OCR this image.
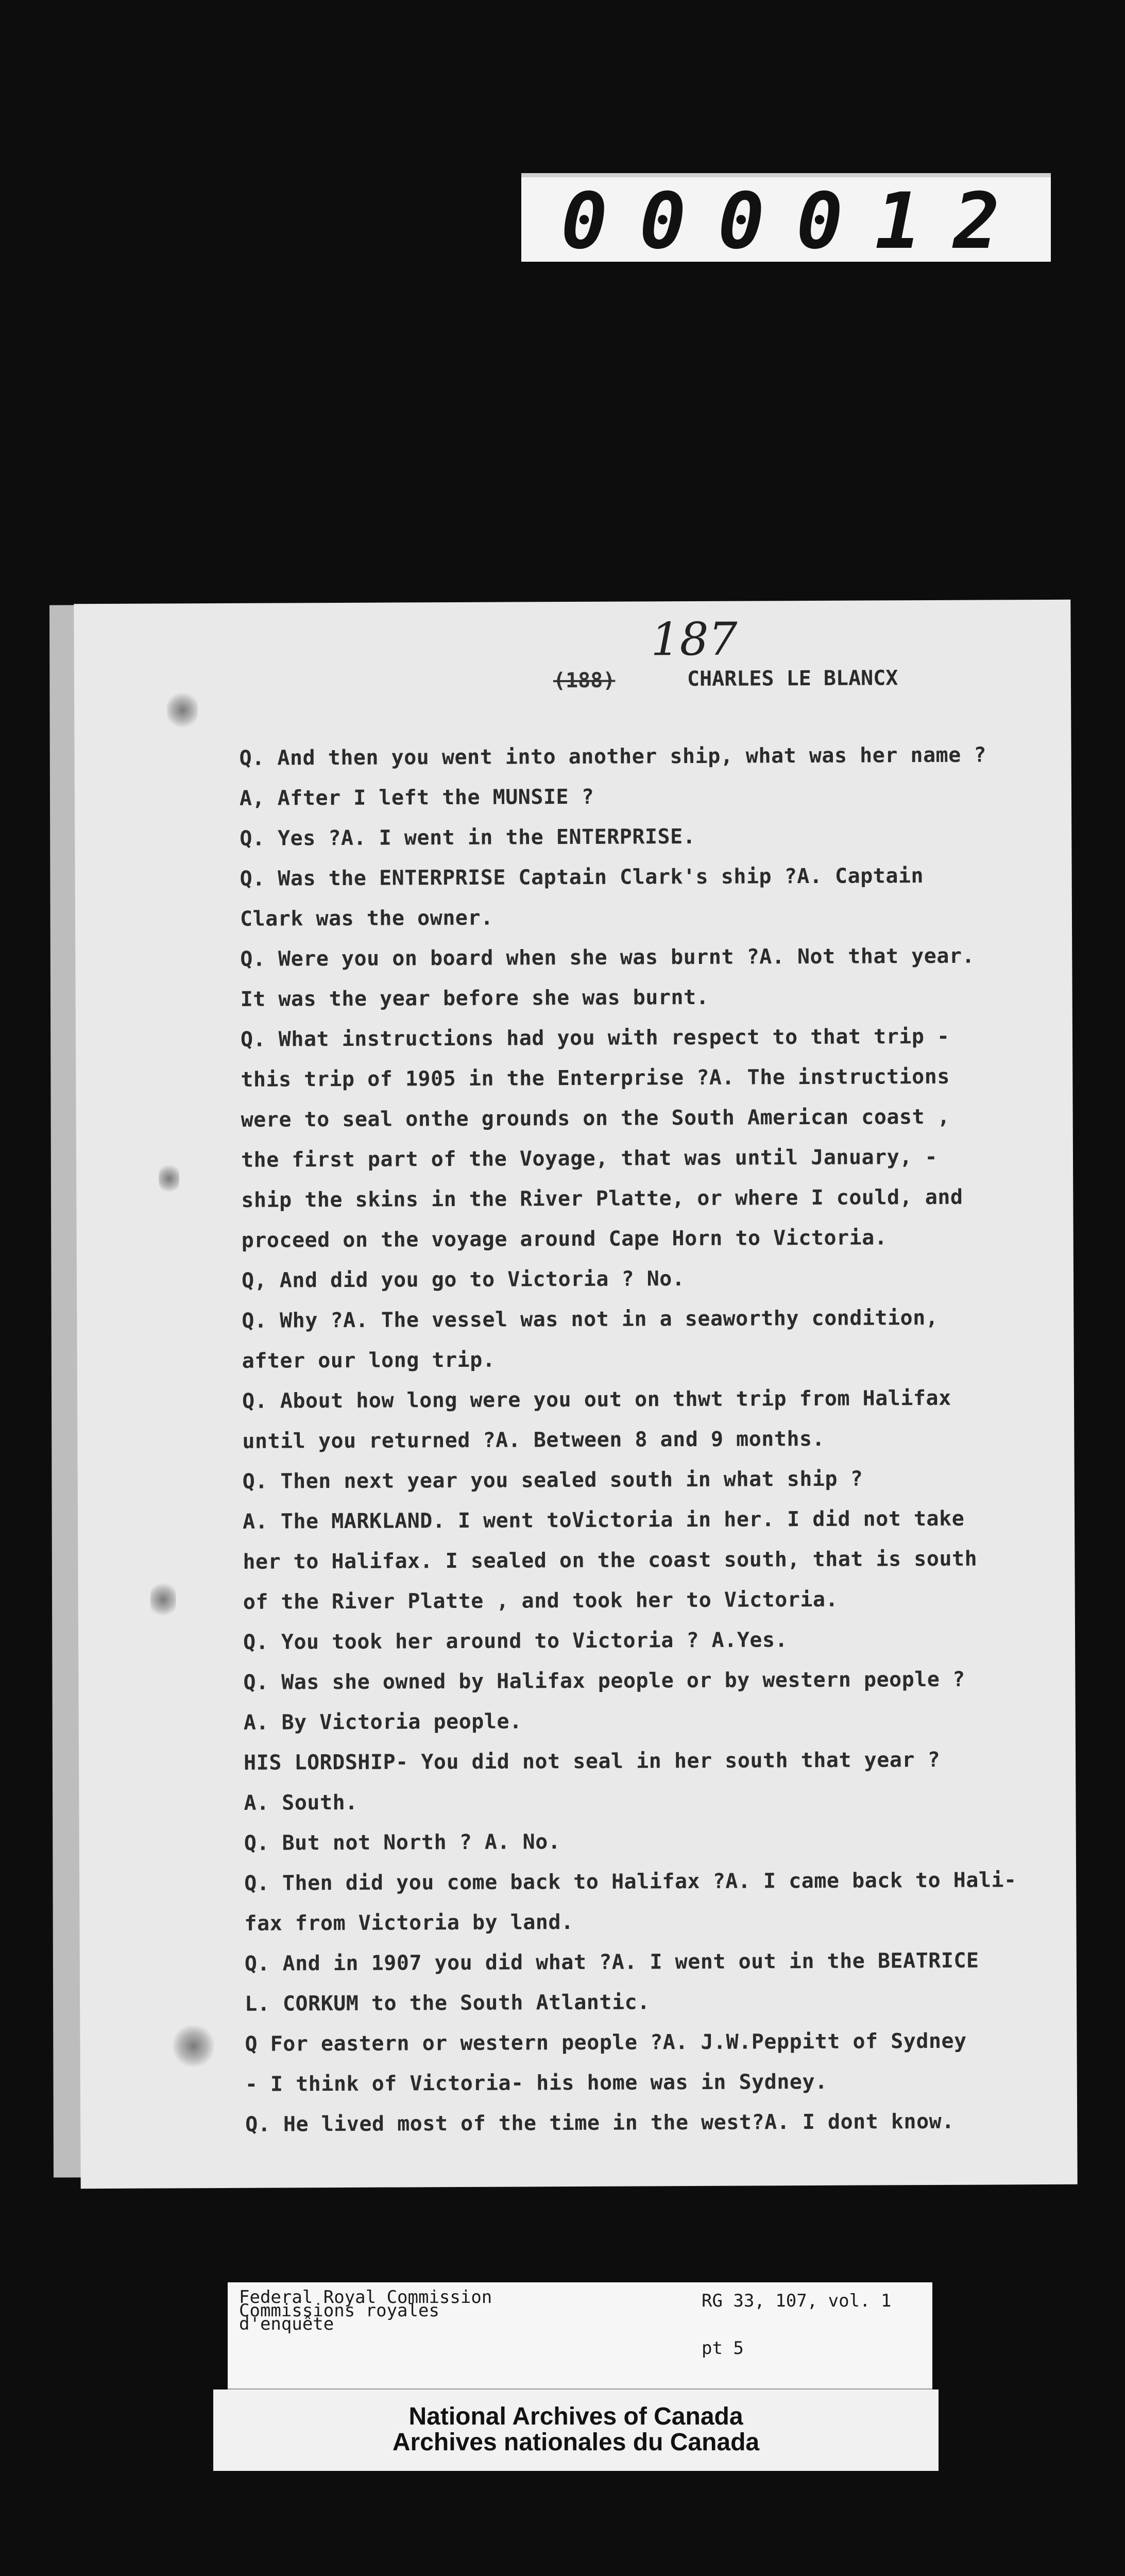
000012
187
(188)	CHARLES LE BLANCX
Q. And then you went into another ship, what was her name ?
A, After I left the MUNSIE ?
Q. Yes ?A. I went in the ENTERPRISE.
Q. Was the ENTERPRISE Captain Clark's ship ?A. Captain
Clark was the owner.
Q. Were you on board when she was burnt ?A. Not that year.
It was the year before she was burnt.
Q. What instructions had you with respect to that trip -
this trip of 1905 in the Enterprise ?A. The instructions
were to seal onthe grounds on the South American coast ,
the first part of the Voyage, that was until January, -
ship the skins in the River Platte, or where I could, and
proceed on the voyage around Cape Horn to Victoria.
Q, And did you go to Victoria ? No.
Q. Why ?A. The vessel was not in a seaworthy condition,
after our long trip.
Q. About how long were you out on thwt trip from Halifax
until you returned ?A. Between 8 and 9 months.
Q. Then next year you sealed south in what ship ?
A. The MARKLAND. I went toVictoria in her. I did not take
her to Halifax. I sealed on the coast south, that is south
of the River Platte , and took her to Victoria.
Q. You took her around to Victoria ? A.Yes.
Q. Was she owned by Halifax people or by western people ?
A. By Victoria people.
HIS LORDSHIP- You did not seal in her south that year ?
A. South.
Q. But not North ? A. No.
Q. Then did you come back to Halifax ?A. I came back to Hali-
fax from Victoria by land.
Q. And in 1907 you did what ?A. I went out in the BEATRICE
L. CORKUM to the South Atlantic.
Q For eastern or western people ?A. J.W.Peppitt of Sydney
- I think of Victoria- his home was in Sydney.
Q. He lived most of the time in the west?A. I dont know.
Federal Royal Commission
Commissions royales
d'enquête
RG 33, 107, vol. 1
pt 5
National Archives of Canada
Archives nationales du Canada
